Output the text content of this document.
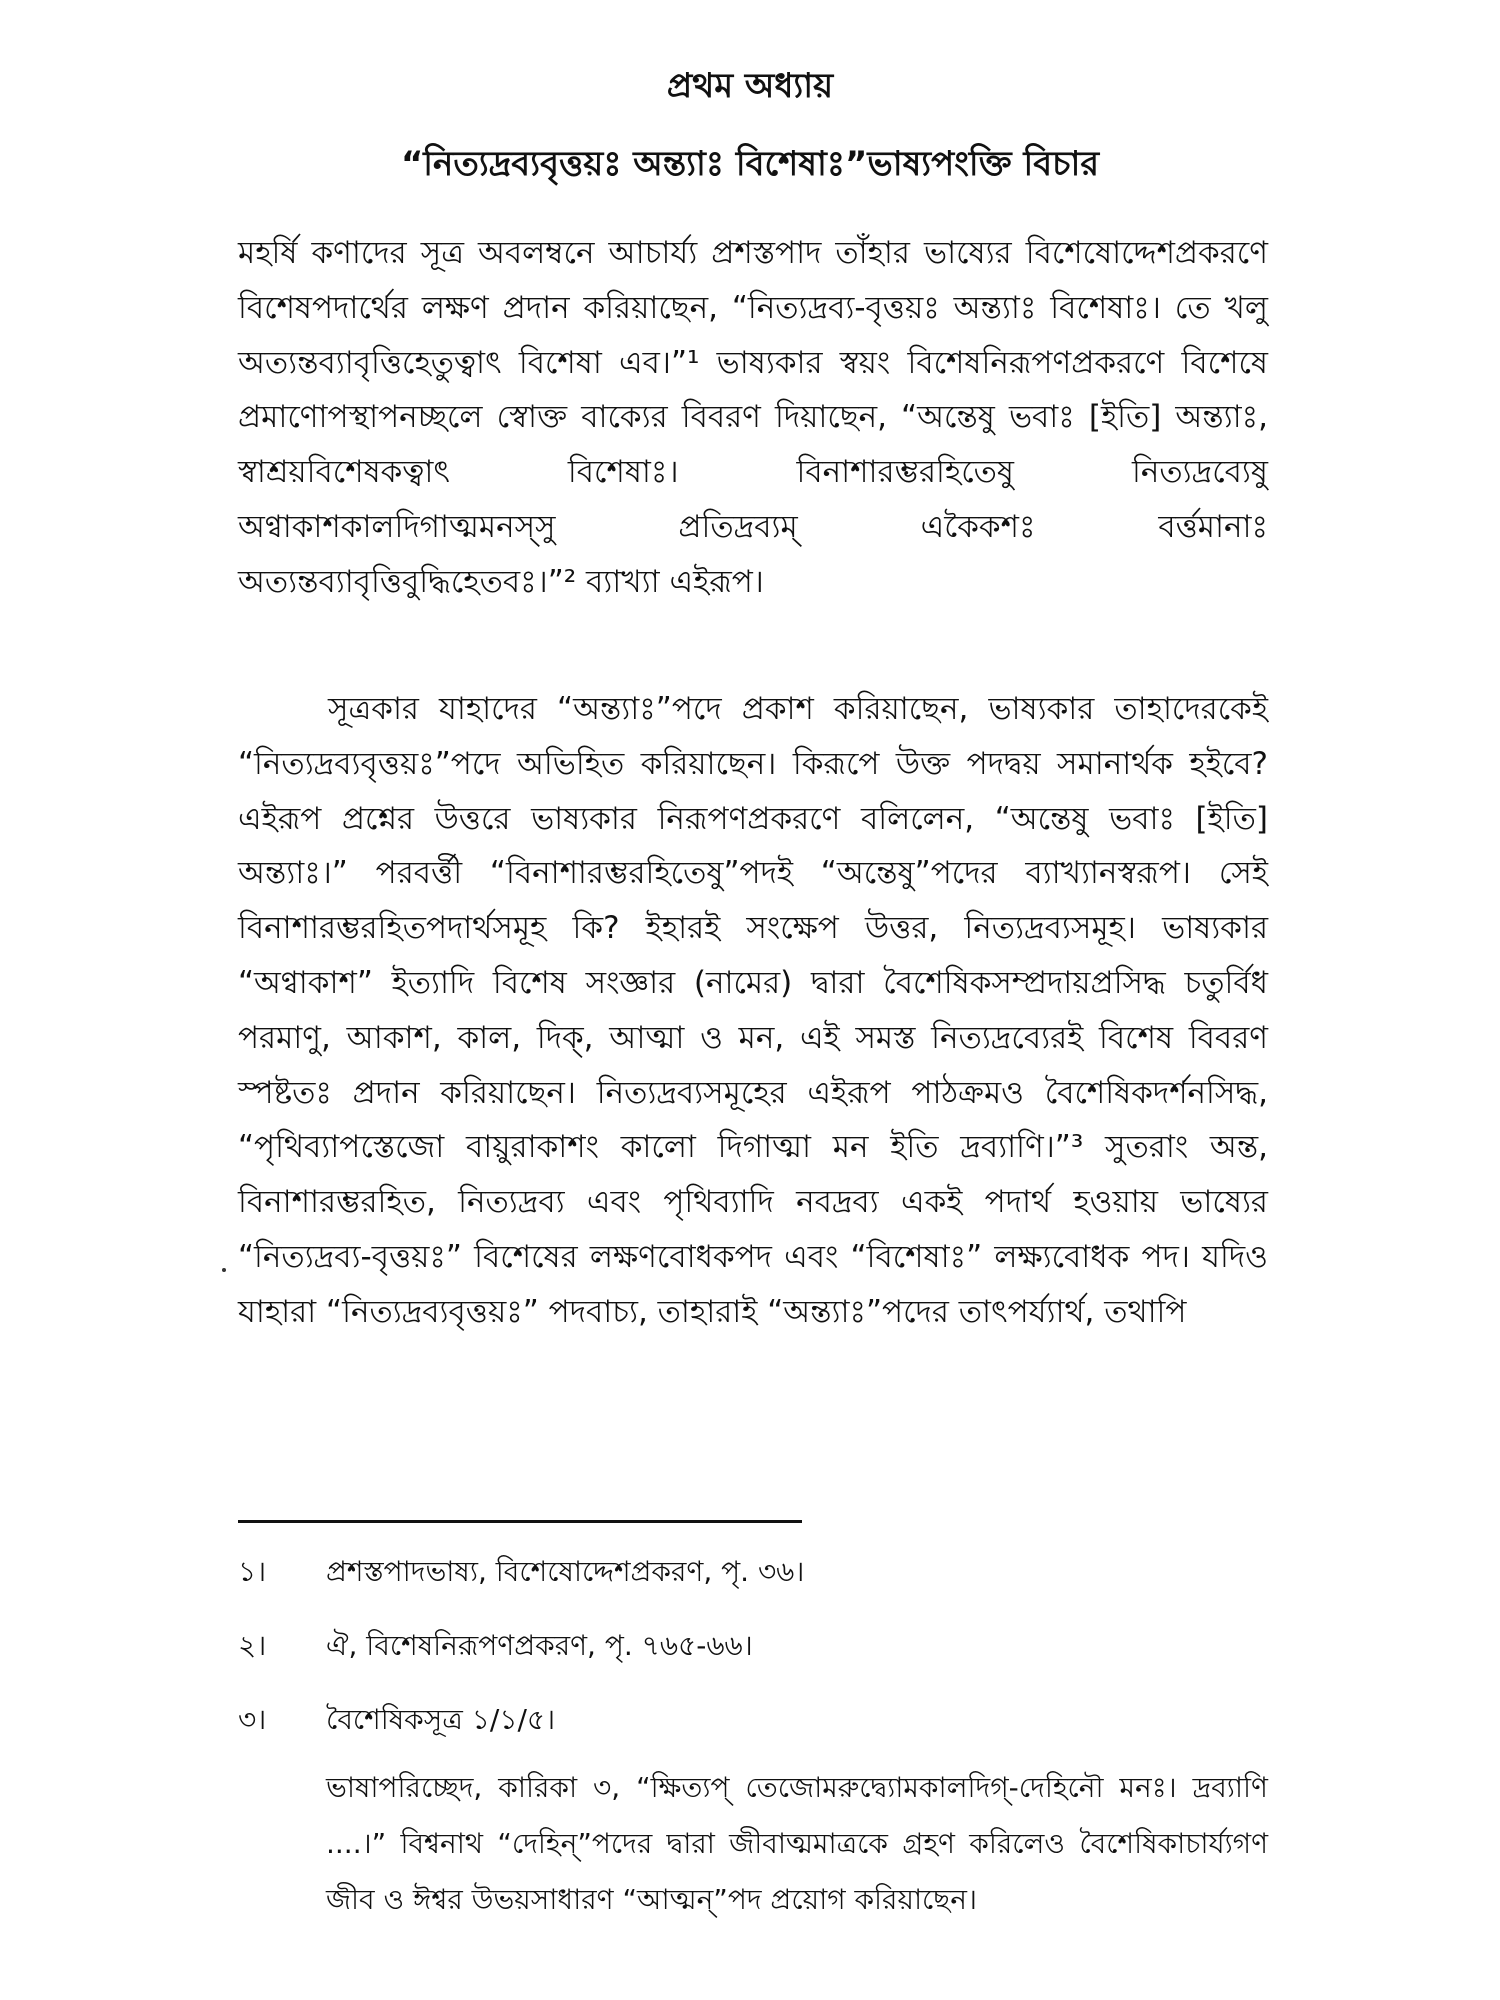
প্রথম অধ্যায়
“নিত্যদ্রব্যবৃত্তয়ঃ অন্ত্যাঃ বিশেষাঃ”ভাষ্যপংক্তি বিচার

মহর্ষি কণাদের সূত্র অবলম্বনে আচার্য্য প্রশস্তপাদ তাঁহার ভাষ্যের বিশেষোদ্দেশপ্রকরণে বিশেষপদার্থের লক্ষণ প্রদান করিয়াছেন, “নিত্যদ্রব্য-বৃত্তয়ঃ অন্ত্যাঃ বিশেষাঃ। তে খলু অত্যন্তব্যাবৃত্তিহেতুত্বাৎ বিশেষা এব।”¹ ভাষ্যকার স্বয়ং বিশেষনিরূপণপ্রকরণে বিশেষে প্রমাণোপস্থাপনচ্ছলে স্বোক্ত বাক্যের বিবরণ দিয়াছেন, “অন্তেষু ভবাঃ [ইতি] অন্ত্যাঃ, স্বাশ্রয়বিশেষকত্বাৎ বিশেষাঃ। বিনাশারম্ভরহিতেষু নিত্যদ্রব্যেষু অণ্বাকাশকালদিগাত্মমনস্সু প্রতিদ্রব্যম্ একৈকশঃ বর্ত্তমানাঃ অত্যন্তব্যাবৃত্তিবুদ্ধিহেতবঃ।”² ব্যাখ্যা এইরূপ।

সূত্রকার যাহাদের “অন্ত্যাঃ”পদে প্রকাশ করিয়াছেন, ভাষ্যকার তাহাদেরকেই “নিত্যদ্রব্যবৃত্তয়ঃ”পদে অভিহিত করিয়াছেন। কিরূপে উক্ত পদদ্বয় সমানার্থক হইবে? এইরূপ প্রশ্নের উত্তরে ভাষ্যকার নিরূপণপ্রকরণে বলিলেন, “অন্তেষু ভবাঃ [ইতি] অন্ত্যাঃ।” পরবর্ত্তী “বিনাশারম্ভরহিতেষু”পদই “অন্তেষু”পদের ব্যাখ্যানস্বরূপ। সেই বিনাশারম্ভরহিতপদার্থসমূহ কি? ইহারই সংক্ষেপ উত্তর, নিত্যদ্রব্যসমূহ। ভাষ্যকার “অণ্বাকাশ” ইত্যাদি বিশেষ সংজ্ঞার (নামের) দ্বারা বৈশেষিকসম্প্রদায়প্রসিদ্ধ চতুর্বিধ পরমাণু, আকাশ, কাল, দিক্, আত্মা ও মন, এই সমস্ত নিত্যদ্রব্যেরই বিশেষ বিবরণ স্পষ্টতঃ প্রদান করিয়াছেন। নিত্যদ্রব্যসমূহের এইরূপ পাঠক্রমও বৈশেষিকদর্শনসিদ্ধ, “পৃথিব্যাপস্তেজো বায়ুরাকাশং কালো দিগাত্মা মন ইতি দ্রব্যাণি।”³ সুতরাং অন্ত, বিনাশারম্ভরহিত, নিত্যদ্রব্য এবং পৃথিব্যাদি নবদ্রব্য একই পদার্থ হওয়ায় ভাষ্যের “নিত্যদ্রব্য-বৃত্তয়ঃ” বিশেষের লক্ষণবোধকপদ এবং “বিশেষাঃ” লক্ষ্যবোধক পদ। যদিও যাহারা “নিত্যদ্রব্যবৃত্তয়ঃ” পদবাচ্য, তাহারাই “অন্ত্যাঃ”পদের তাৎপর্য্যার্থ, তথাপি

১।	প্রশস্তপাদভাষ্য, বিশেষোদ্দেশপ্রকরণ, পৃ. ৩৬।
২।	ঐ, বিশেষনিরূপণপ্রকরণ, পৃ. ৭৬৫-৬৬।
৩।	বৈশেষিকসূত্র ১/১/৫।
ভাষাপরিচ্ছেদ, কারিকা ৩, “ক্ষিত্যপ্ তেজোমরুদ্ব্যোমকালদিগ্-দেহিনৌ মনঃ। দ্রব্যাণি ....।” বিশ্বনাথ “দেহিন্”পদের দ্বারা জীবাত্মমাত্রকে গ্রহণ করিলেও বৈশেষিকাচার্য্যগণ জীব ও ঈশ্বর উভয়সাধারণ “আত্মন্”পদ প্রয়োগ করিয়াছেন।
